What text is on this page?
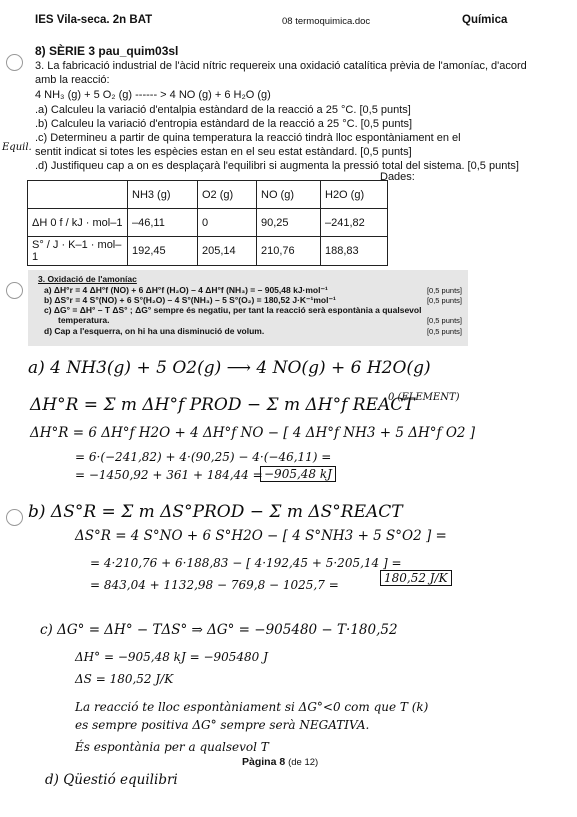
IES Vila-seca. 2n BAT	08 termoquimica.doc	Química
8) SÈRIE 3 pau_quim03sl
3. La fabricació industrial de l'àcid nítric requereix una oxidació catalítica prèvia de l'amoníac, d'acord
amb la reacció:
4 NH₃ (g) + 5 O₂ (g) ------ > 4 NO (g) + 6 H₂O (g)
.a) Calculeu la variació d'entalpia estàndard de la reacció a 25 °C. [0,5 punts]
.b) Calculeu la variació d'entropia estàndard de la reacció a 25 °C. [0,5 punts]
.c) Determineu a partir de quina temperatura la reacció tindrà lloc espontàniament en el
sentit indicat si totes les espècies estan en el seu estat estàndard. [0,5 punts]
.d) Justifiqueu cap a on es desplaçarà l'equilibri si augmenta la pressió total del sistema. [0,5 punts]
Equil.
Dades:
	NH3 (g)	O2 (g)	NO (g)	H2O (g)
ΔH 0 f / kJ · mol–1	–46,11	0	90,25	–241,82
S° / J · K–1 · mol–1	192,45	205,14	210,76	188,83
3. Oxidació de l'amoníac
a) ΔH°r = 4 ΔH°f (NO) + 6 ΔH°f (H₂O) – 4 ΔH°f (NH₃) = – 905,48 kJ·mol⁻¹	[0,5 punts]
b) ΔS°r = 4 S°(NO) + 6 S°(H₂O) – 4 S°(NH₃) – 5 S°(O₂) = 180,52 J·K⁻¹mol⁻¹	[0,5 punts]
c) ΔG° = ΔH° – T ΔS° ; ΔG° sempre és negatiu, per tant la reacció serà espontània a qualsevol
temperatura.	[0,5 punts]
d) Cap a l'esquerra, on hi ha una disminució de volum.	[0,5 punts]
a) 4 NH3(g) + 5 O2(g) ⟶ 4 NO(g) + 6 H2O(g)
0 (ELEMENT)
ΔH°R = Σ m ΔH°f PROD − Σ m ΔH°f REACT
ΔH°R = 6 ΔH°f H2O + 4 ΔH°f NO − [ 4 ΔH°f NH3 + 5 ΔH°f O2 ]
= 6·(−241,82) + 4·(90,25) − 4·(−46,11) =
= −1450,92 + 361 + 184,44 = −905,48 kJ
b) ΔS°R = Σ m ΔS°PROD − Σ m ΔS°REACT
ΔS°R = 4 S°NO + 6 S°H2O − [ 4 S°NH3 + 5 S°O2 ] =
= 4·210,76 + 6·188,83 − [ 4·192,45 + 5·205,14 ] =
= 843,04 + 1132,98 − 769,8 − 1025,7 =	180,52 J/K
c) ΔG° = ΔH° − TΔS° ⇒ ΔG° = −905480 − T·180,52
ΔH° = −905,48 kJ = −905480 J
ΔS = 180,52 J/K
La reacció te lloc espontàniament si ΔG°<0 com que T (k)
es sempre positiva ΔG° sempre serà NEGATIVA.
És espontània per a qualsevol T
Pàgina 8 (de 12)
d) Qüestió equilibri
